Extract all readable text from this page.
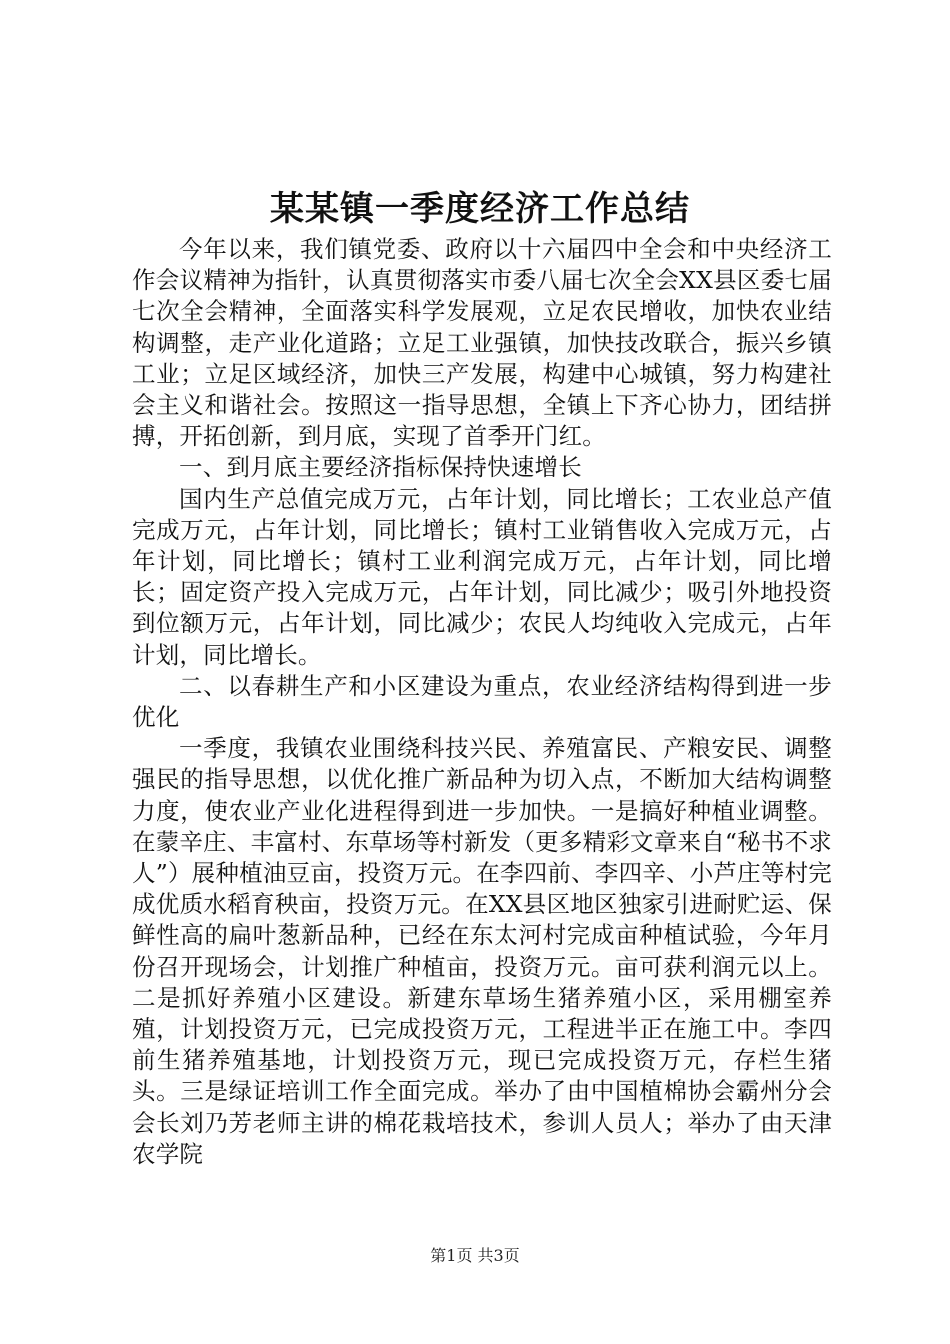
某某镇一季度经济工作总结

今年以来，我们镇党委、政府以十六届四中全会和中央经济工作会议精神为指针，认真贯彻落实市委八届七次全会XX县区委七届七次全会精神，全面落实科学发展观，立足农民增收，加快农业结构调整，走产业化道路；立足工业强镇，加快技改联合，振兴乡镇工业；立足区域经济，加快三产发展，构建中心城镇，努力构建社会主义和谐社会。按照这一指导思想，全镇上下齐心协力，团结拼搏，开拓创新，到月底，实现了首季开门红。

一、到月底主要经济指标保持快速增长

国内生产总值完成万元，占年计划，同比增长；工农业总产值完成万元，占年计划，同比增长；镇村工业销售收入完成万元，占年计划，同比增长；镇村工业利润完成万元，占年计划，同比增长；固定资产投入完成万元，占年计划，同比减少；吸引外地投资到位额万元，占年计划，同比减少；农民人均纯收入完成元，占年计划，同比增长。

二、以春耕生产和小区建设为重点，农业经济结构得到进一步优化

一季度，我镇农业围绕科技兴民、养殖富民、产粮安民、调整强民的指导思想，以优化推广新品种为切入点，不断加大结构调整力度，使农业产业化进程得到进一步加快。一是搞好种植业调整。在蒙辛庄、丰富村、东草场等村新发（更多精彩文章来自“秘书不求人”）展种植油豆亩，投资万元。在李四前、李四辛、小芦庄等村完成优质水稻育秧亩，投资万元。在XX县区地区独家引进耐贮运、保鲜性高的扁叶葱新品种，已经在东太河村完成亩种植试验，今年月份召开现场会，计划推广种植亩，投资万元。亩可获利润元以上。二是抓好养殖小区建设。新建东草场生猪养殖小区，采用棚室养殖，计划投资万元，已完成投资万元，工程进半正在施工中。李四前生猪养殖基地，计划投资万元，现已完成投资万元，存栏生猪头。三是绿证培训工作全面完成。举办了由中国植棉协会霸州分会会长刘乃芳老师主讲的棉花栽培技术，参训人员人；举办了由天津农学院

第1页 共3页
